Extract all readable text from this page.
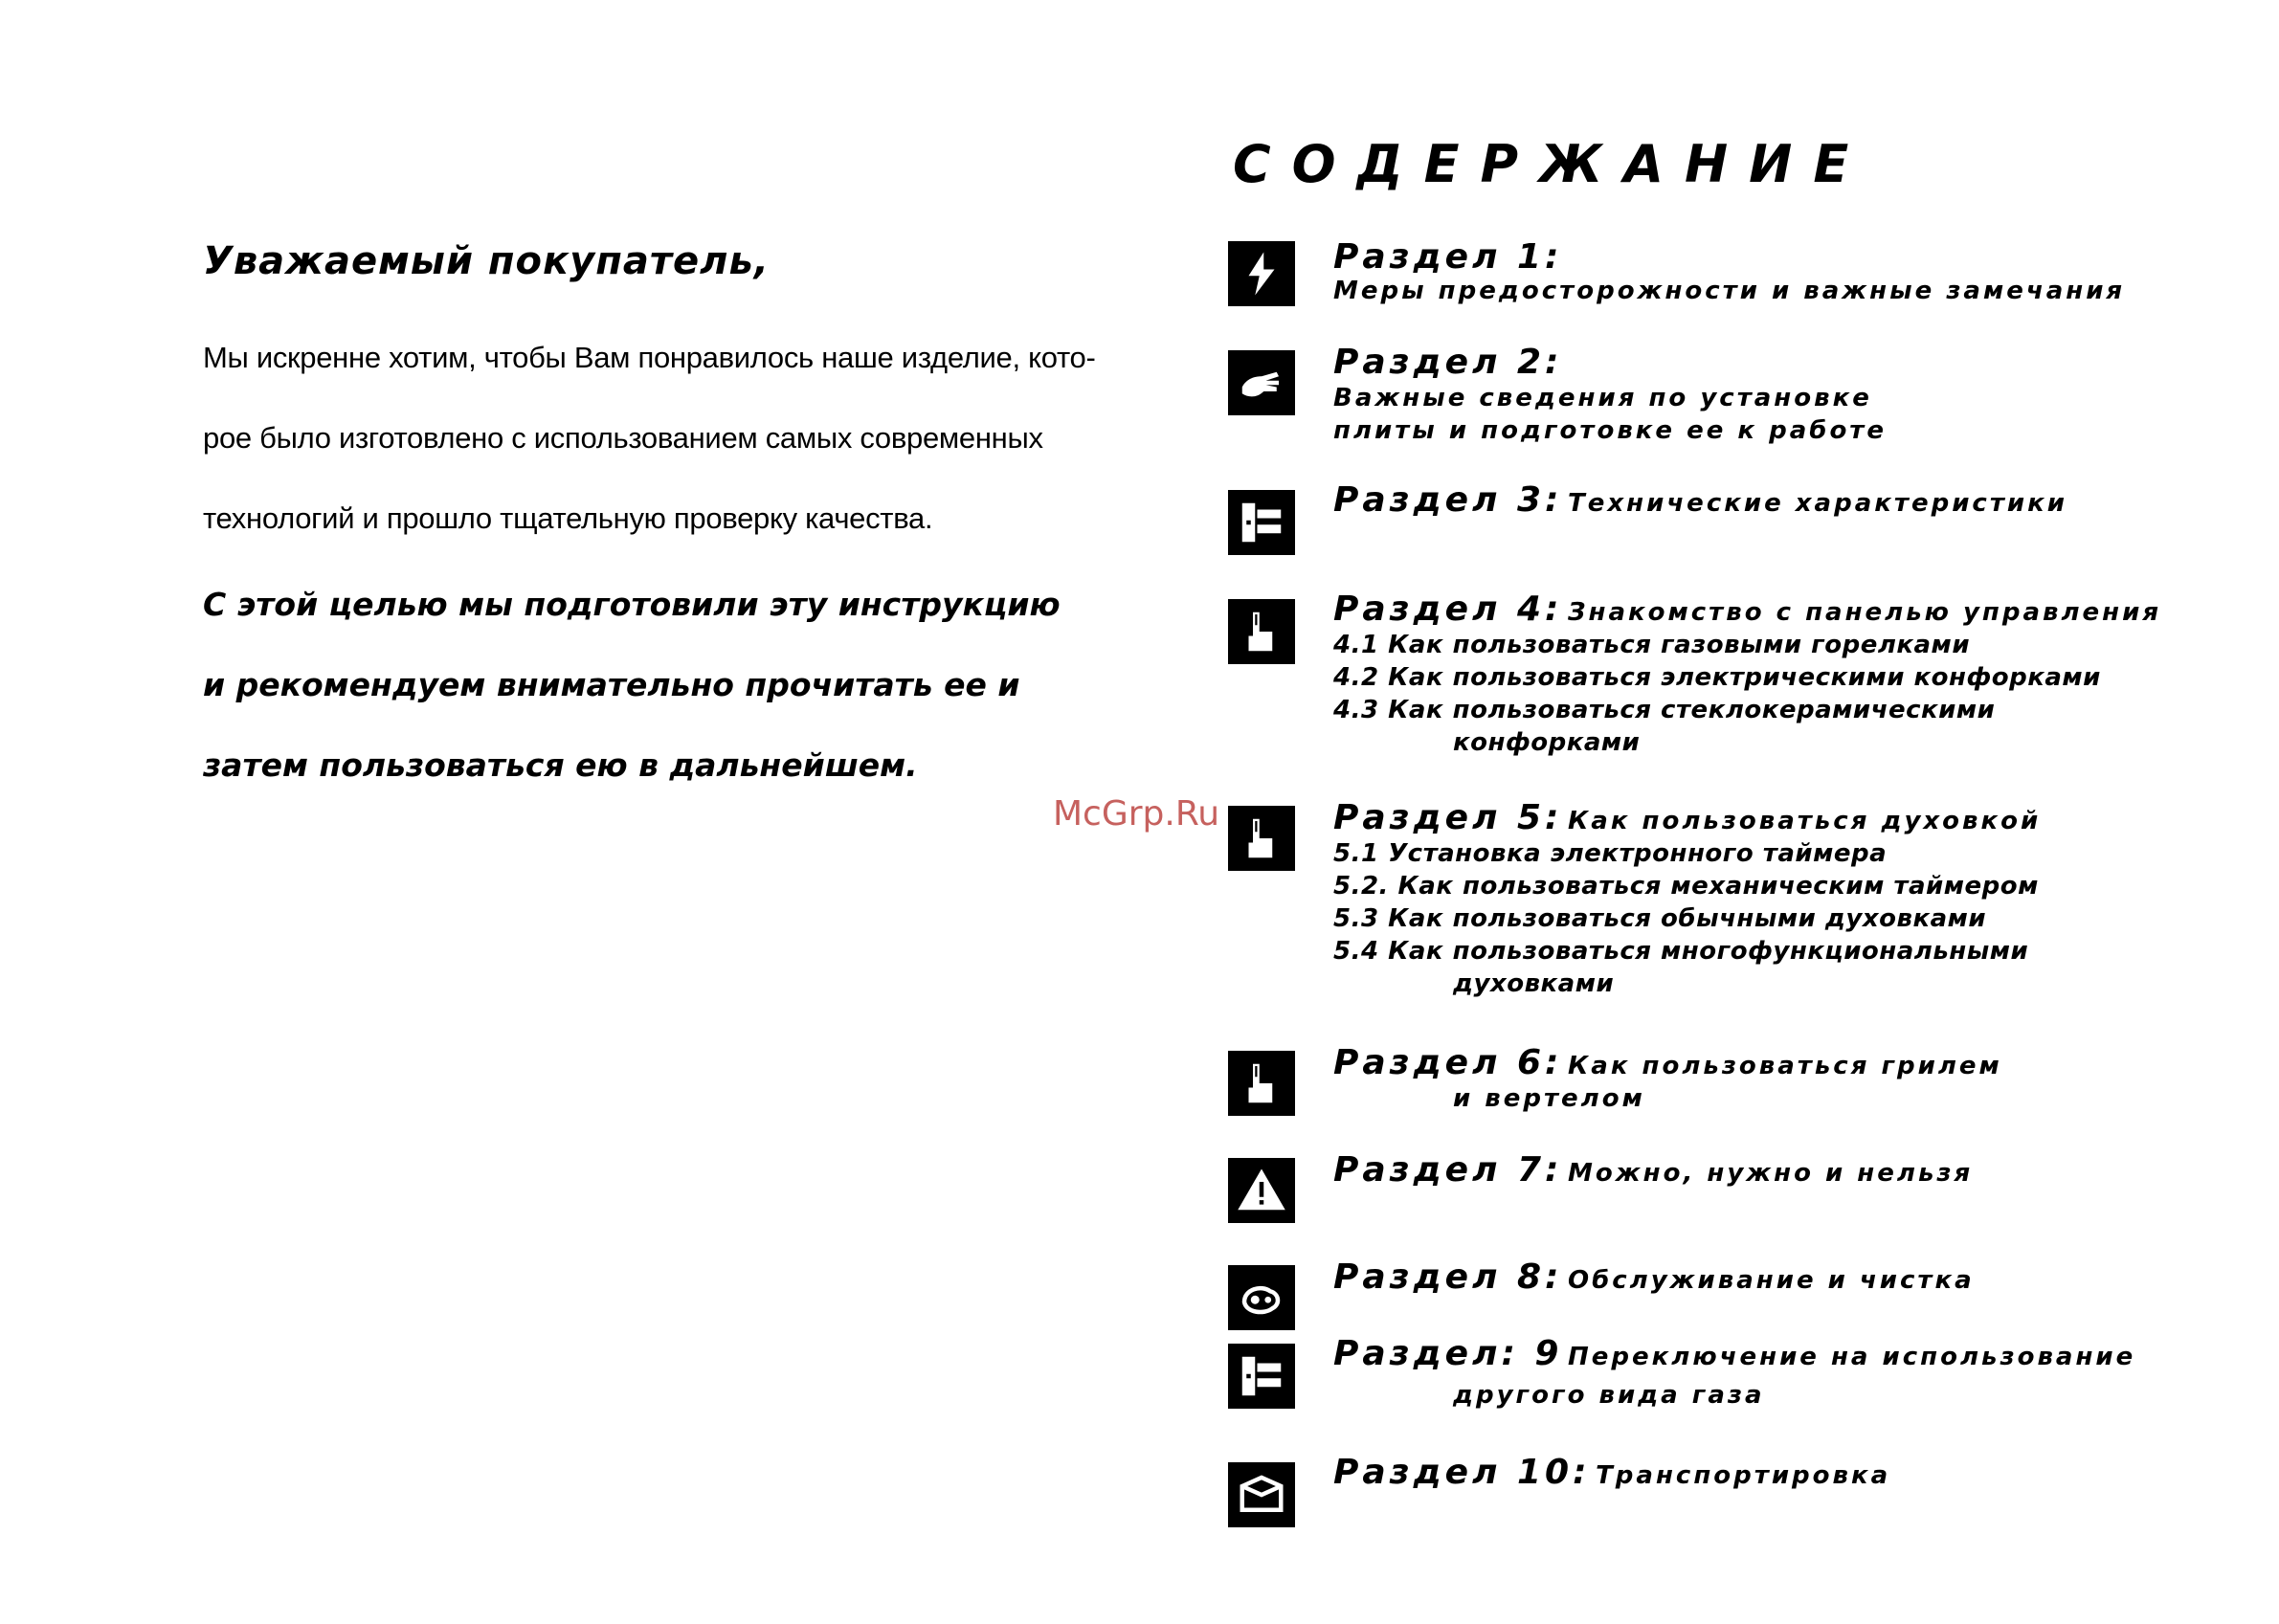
Уважаемый покупатель,

Мы искренне хотим, чтобы Вам понравилось наше изделие, кото-
рое было изготовлено с использованием самых современных
технологий и прошло тщательную проверку качества.

С этой целью мы подготовили эту инструкцию
и рекомендуем внимательно прочитать ее и
затем пользоваться ею в дальнейшем.

СОДЕРЖАНИЕ
Раздел 1:
Меры предосторожности и важные замечания
Раздел 2:

Важные сведения по установке
плиты и подготовке ее к работе
Раздел 3: Технические характеристики
Раздел 4: Знакомство с панелью управления
4.1 Как пользоваться газовыми горелками
4.2 Как пользоваться электрическими конфорками
4.3 Как пользоваться стеклокерамическими
конфорками
Раздел 5: Как пользоваться духовкой
5.1 Установка электронного таймера
5.2. Как пользоваться механическим таймером
5.3 Как пользоваться обычными духовками
5.4 Как пользоваться многофункциональными
духовками
Раздел 6: Как пользоваться грилем
и вертелом
Раздел 7: Можно, нужно и нельзя
Раздел 8: Обслуживание и чистка
Раздел: 9 Переключение на использование
другого вида газа
Раздел 10: Транспортировка
McGrp.Ru
